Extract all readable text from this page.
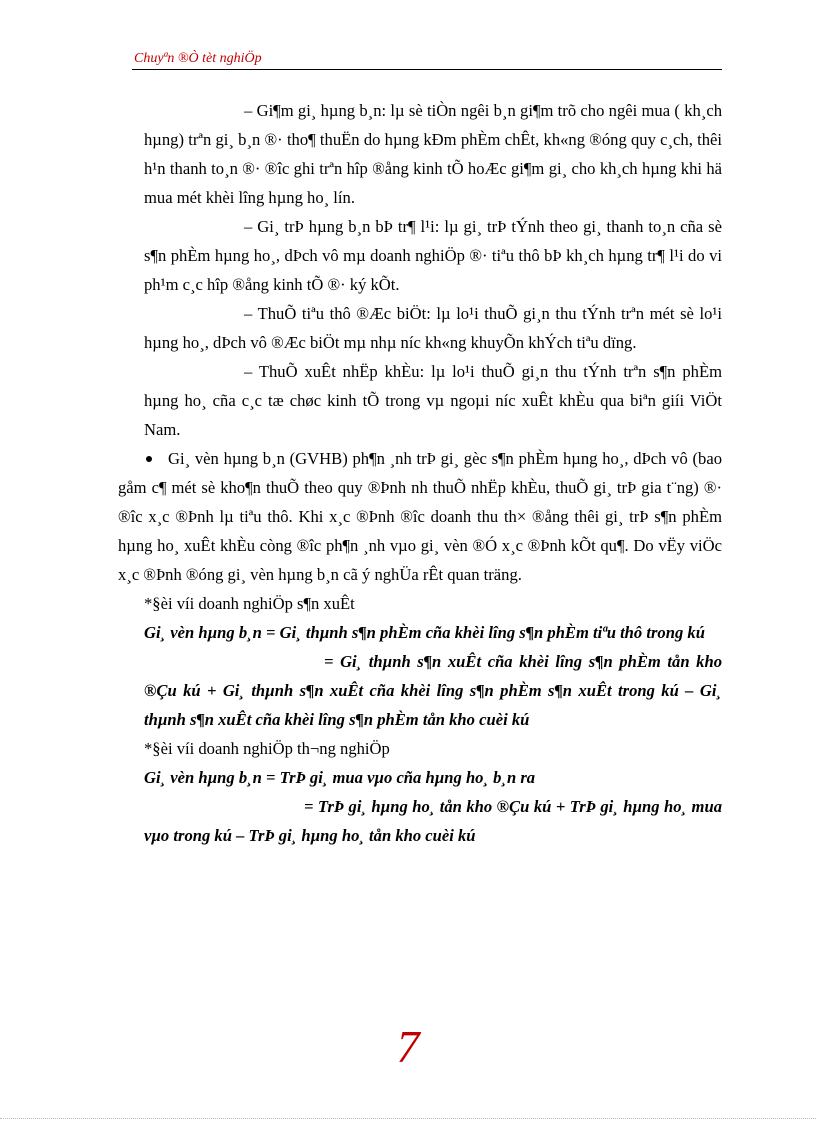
Chuyªn ®Ò tèt nghiÖp

– Gi¶m gi¸ hµng b¸n: lµ sè tiÒn ngêi b¸n gi¶m trõ cho ngêi mua ( kh¸ch hµng) trªn gi¸ b¸n ®· tho¶ thuËn do hµng kÐm phÈm chÊt, kh«ng ®óng quy c¸ch, thêi h¹n thanh to¸n ®· ®îc ghi trªn hîp ®ång kinh tÕ hoÆc gi¶m gi¸ cho kh¸ch hµng khi hä mua mét khèi lîng hµng ho¸ lín.

– Gi¸ trÞ hµng b¸n bÞ tr¶ l¹i: lµ gi¸ trÞ tÝnh theo gi¸ thanh to¸n cña sè s¶n phÈm hµng ho¸, dÞch vô mµ doanh nghiÖp ®· tiªu thô bÞ kh¸ch hµng tr¶ l¹i do vi ph¹m c¸c hîp ®ång kinh tÕ ®· ký kÕt.

– ThuÕ tiªu thô ®Æc biÖt: lµ lo¹i thuÕ gi¸n thu tÝnh trªn mét sè lo¹i hµng ho¸, dÞch vô ®Æc biÖt mµ nhµ níc kh«ng khuyÕn khÝch tiªu dïng.

– ThuÕ xuÊt nhËp khÈu: lµ lo¹i thuÕ gi¸n thu tÝnh trªn s¶n phÈm hµng ho¸ cña c¸c tæ chøc kinh tÕ trong vµ ngoµi níc xuÊt khÈu qua biªn giíi ViÖt Nam.

Gi¸ vèn hµng b¸n (GVHB) ph¶n ¸nh trÞ gi¸ gèc s¶n phÈm hµng ho¸, dÞch vô (bao gåm c¶ mét sè kho¶n thuÕ theo quy ®Þnh nh thuÕ nhËp khÈu, thuÕ gi¸ trÞ gia t¨ng) ®· ®îc x¸c ®Þnh lµ tiªu thô. Khi x¸c ®Þnh ®îc doanh thu th× ®ång thêi gi¸ trÞ s¶n phÈm hµng ho¸ xuÊt khÈu còng ®îc ph¶n ¸nh vµo gi¸ vèn ®Ó x¸c ®Þnh kÕt qu¶. Do vËy viÖc x¸c ®Þnh ®óng gi¸ vèn hµng b¸n cã ý nghÜa rÊt quan träng.

*§èi víi doanh nghiÖp s¶n xuÊt

Gi¸ vèn hµng b¸n = Gi¸ thµnh s¶n phÈm cña khèi lîng s¶n phÈm tiªu thô trong kú

= Gi¸ thµnh s¶n xuÊt cña khèi lîng s¶n phÈm tån kho ®Çu kú + Gi¸ thµnh s¶n xuÊt cña khèi lîng s¶n phÈm s¶n xuÊt trong kú – Gi¸ thµnh s¶n xuÊt cña khèi lîng s¶n phÈm tån kho cuèi kú

*§èi víi doanh nghiÖp th¬ng nghiÖp

Gi¸ vèn hµng b¸n = TrÞ gi¸ mua vµo cña hµng ho¸ b¸n ra

= TrÞ gi¸ hµng ho¸ tån kho ®Çu kú + TrÞ gi¸ hµng ho¸ mua vµo trong kú – TrÞ gi¸ hµng ho¸ tån kho cuèi kú

7
